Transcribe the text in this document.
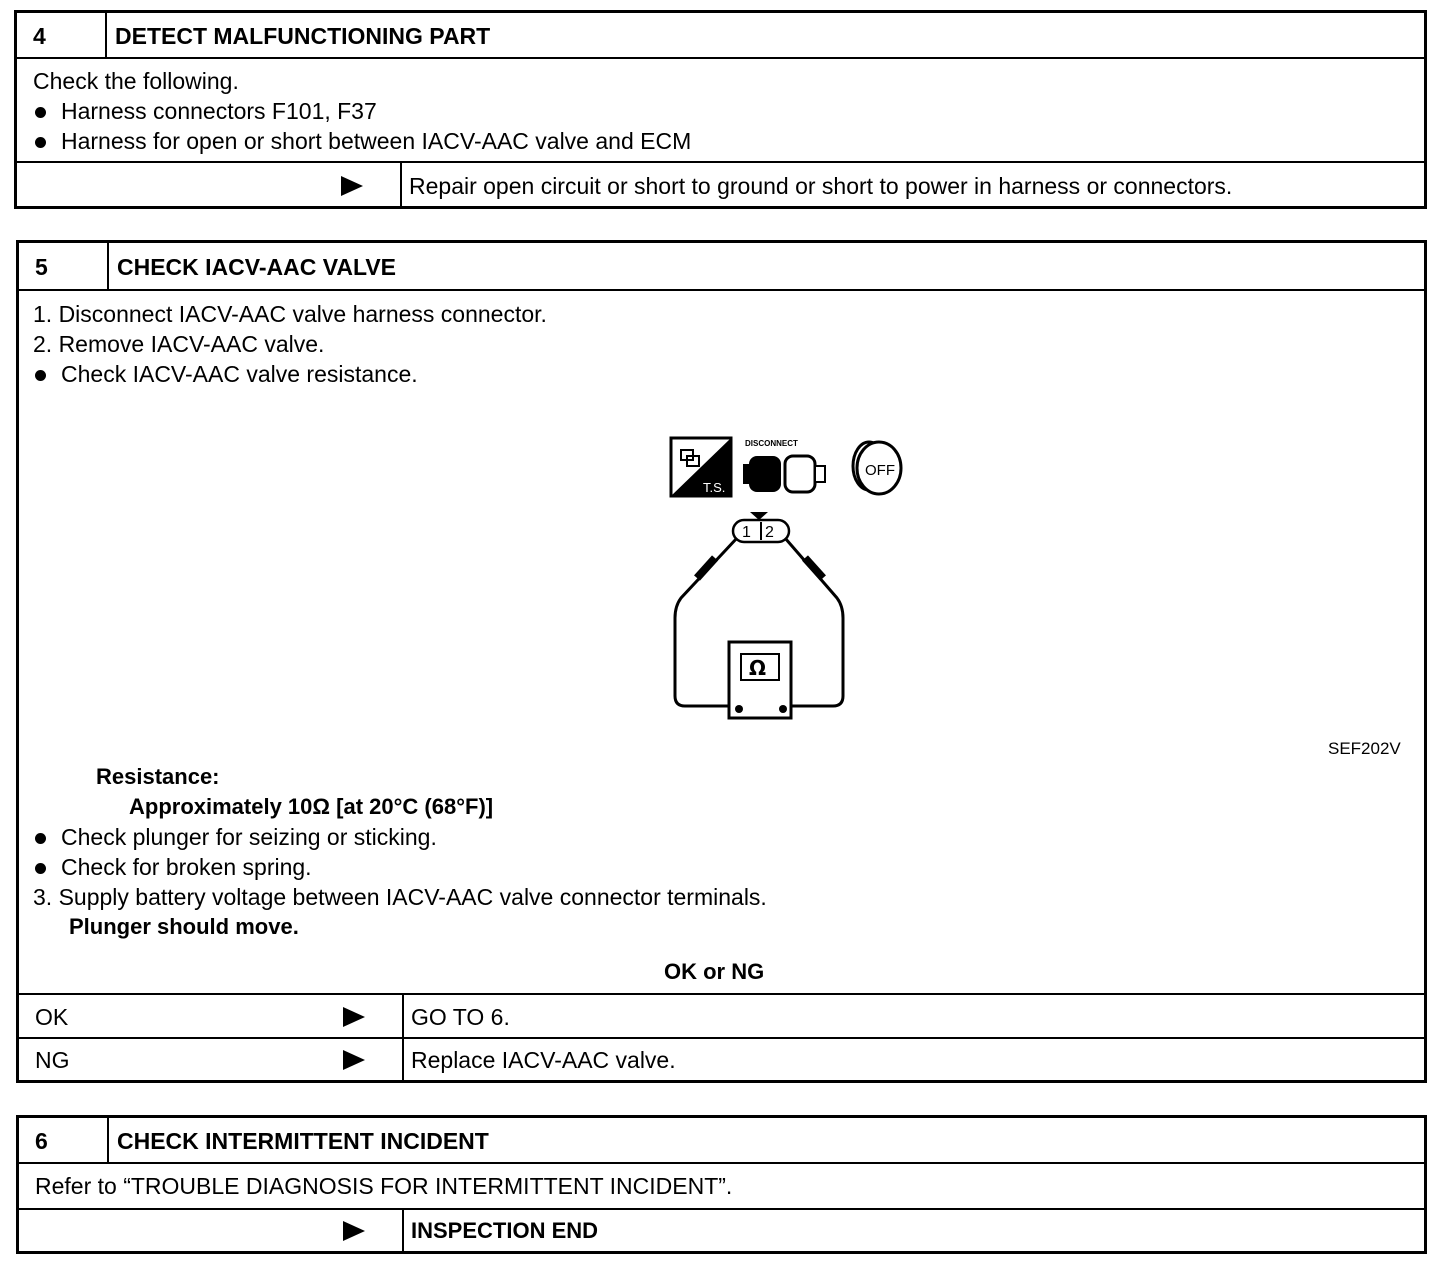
4	DETECT MALFUNCTIONING PART
Check the following.
Harness connectors F101, F37
Harness for open or short between IACV-AAC valve and ECM
Repair open circuit or short to ground or short to power in harness or connectors.
5	CHECK IACV-AAC VALVE
1. Disconnect IACV-AAC valve harness connector.
2. Remove IACV-AAC valve.
Check IACV-AAC valve resistance.
T.S.
DISCONNECT
OFF
1 2
Ω
SEF202V
Resistance:
Approximately 10Ω [at 20°C (68°F)]
Check plunger for seizing or sticking.
Check for broken spring.
3. Supply battery voltage between IACV-AAC valve connector terminals.
Plunger should move.
OK or NG
OK	GO TO 6.
NG	Replace IACV-AAC valve.
6	CHECK INTERMITTENT INCIDENT
Refer to “TROUBLE DIAGNOSIS FOR INTERMITTENT INCIDENT”.
INSPECTION END
